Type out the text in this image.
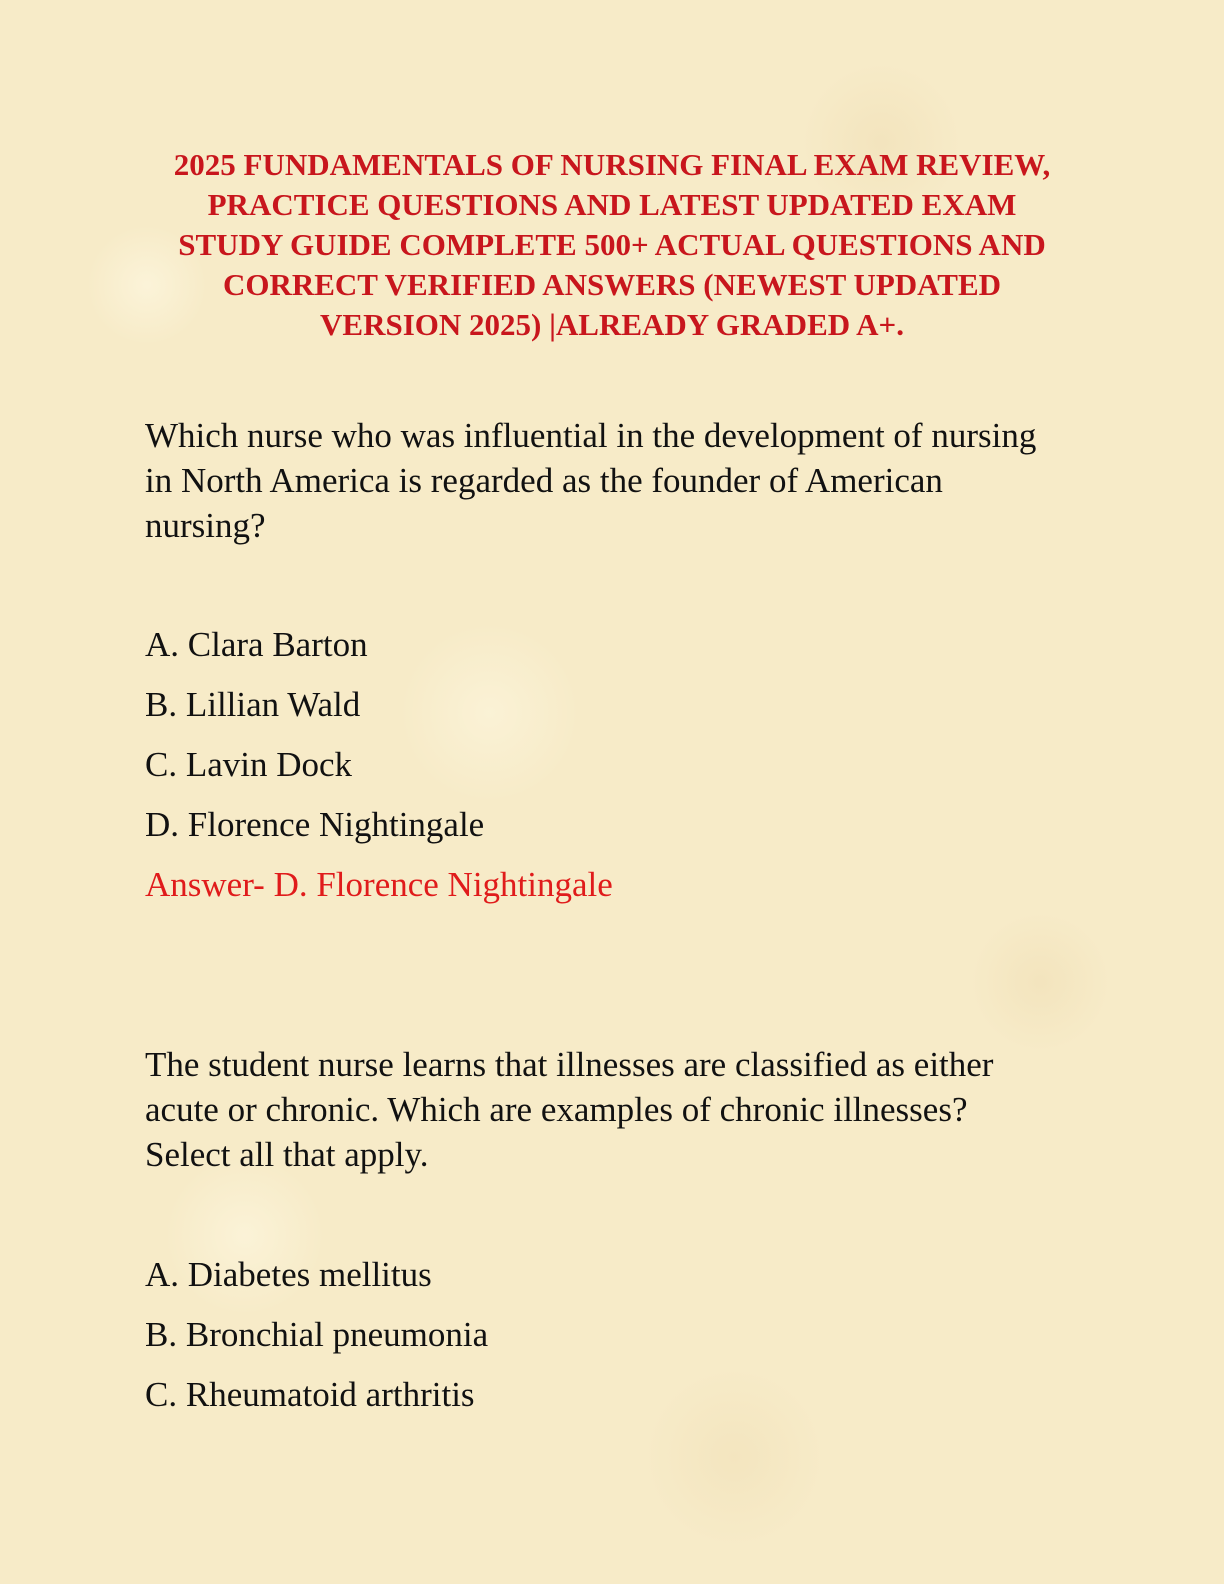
2025 FUNDAMENTALS OF NURSING FINAL EXAM REVIEW,
PRACTICE QUESTIONS AND LATEST UPDATED EXAM
STUDY GUIDE COMPLETE 500+ ACTUAL QUESTIONS AND
CORRECT VERIFIED ANSWERS (NEWEST UPDATED
VERSION 2025) |ALREADY GRADED A+.
Which nurse who was influential in the development of nursing
in North America is regarded as the founder of American
nursing?
A. Clara Barton
B. Lillian Wald
C. Lavin Dock
D. Florence Nightingale
Answer- D. Florence Nightingale
The student nurse learns that illnesses are classified as either
acute or chronic. Which are examples of chronic illnesses?
Select all that apply.
A. Diabetes mellitus
B. Bronchial pneumonia
C. Rheumatoid arthritis
